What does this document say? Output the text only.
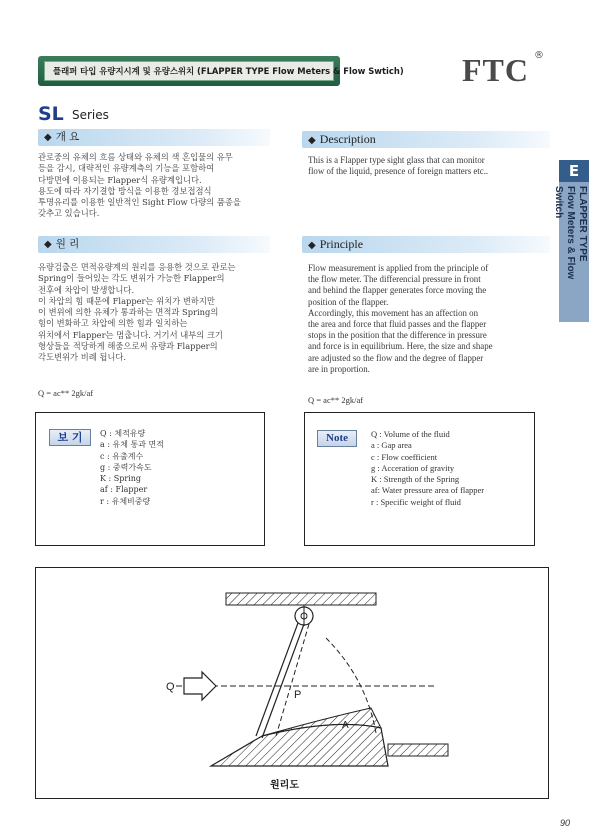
플래퍼 타입 유량지시계 및 유량스위치 (FLAPPER TYPE Flow Meters & Flow Swtich) FTC ®
SL Series
E
FLAPPER TYPE
Flow Meters & Flow Switch
◆ 개 요
관로중의 유체의 흐름 상태와 유체의 색 혼입물의 유무
등을 감시, 대략적인 유량계측의 기능을 포함하여
다방면에 이용되는 Flapper식 유량계입니다.
용도에 따라 자기결합 방식을 이용한 경보접점식
투명유리를 이용한 일반적인 Sight Flow 다량의 품종을
갖추고 있습니다.
◆ Description
This is a Flapper type sight glass that can monitor
flow of the liquid, presence of foreign matters etc..
◆ 원 리
유량검출은 면적유량계의 원리를 응용한 것으로 관로는
Spring이 들어있는 각도 변위가 가능한 Flapper의
전후에 차압이 발생합니다.
이 차압의 힘 때문에 Flapper는 위치가 변하지만
이 변위에 의한 유체가 통과하는 면적과 Spring의
힘이 변화하고 차압에 의한 힘과 일치하는
위치에서 Flapper는 멈춥니다. 거기서 내부의 크기
형상들을 적당하게 해줌으로써 유량과 Flapper의
각도변위가 비례 됩니다.
Q = ac** 2gk/af
◆ Principle
Flow measurement is applied from the principle of
the flow meter. The differencial pressure in front
and behind the flapper generates force moving the
position of the flapper.
Accordingly, this movement has an affection on
the area and force that fluid passes and the flapper
stops in the position that the difference in pressure
and force is in equilibrium. Here, the size and shape
are adjusted so the flow and the degree of flapper
are in proportion.
Q = ac** 2gk/af
보 기	Q : 체적유량
a : 유체 통과 면적
c : 유출계수
g : 중력가속도
K : Spring
af : Flapper
r : 유체비중량
Note	Q : Volume of the fluid
a : Gap area
c : Flow coefficient
g : Acceration of gravity
K : Strength of the Spring
af: Water pressure area of flapper
r : Specific weight of fluid
Q
P
A
원리도
90
